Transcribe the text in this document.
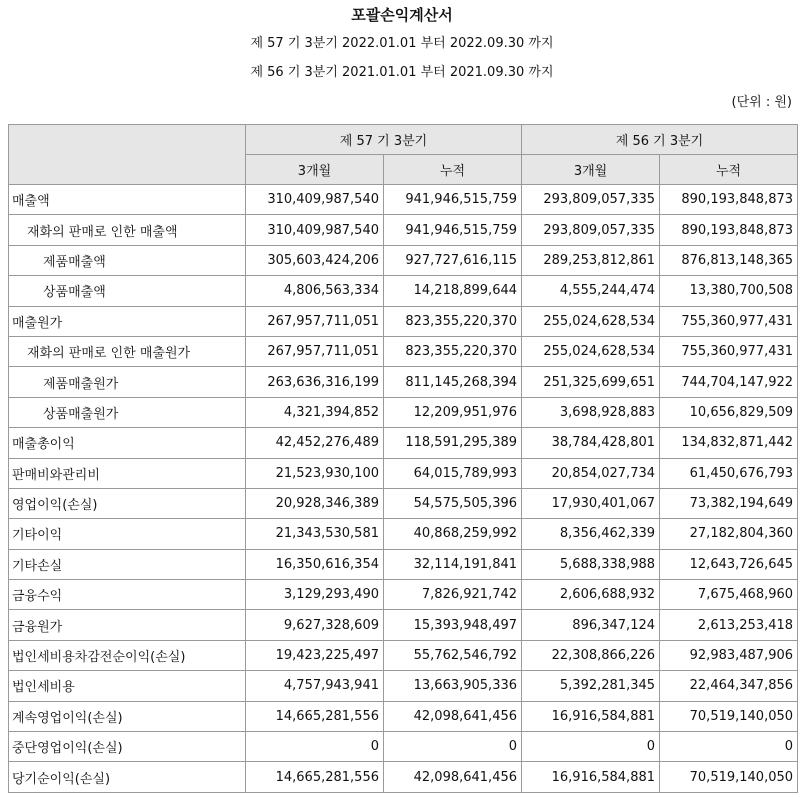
포괄손익계산서
제 57 기 3분기 2022.01.01 부터 2022.09.30 까지
제 56 기 3분기 2021.01.01 부터 2021.09.30 까지
(단위 : 원)
	제 57 기 3분기		제 56 기 3분기	
	3개월	누적	3개월	누적
매출액	310,409,987,540	941,946,515,759	293,809,057,335	890,193,848,873
재화의 판매로 인한 매출액	310,409,987,540	941,946,515,759	293,809,057,335	890,193,848,873
제품매출액	305,603,424,206	927,727,616,115	289,253,812,861	876,813,148,365
상품매출액	4,806,563,334	14,218,899,644	4,555,244,474	13,380,700,508
매출원가	267,957,711,051	823,355,220,370	255,024,628,534	755,360,977,431
재화의 판매로 인한 매출원가	267,957,711,051	823,355,220,370	255,024,628,534	755,360,977,431
제품매출원가	263,636,316,199	811,145,268,394	251,325,699,651	744,704,147,922
상품매출원가	4,321,394,852	12,209,951,976	3,698,928,883	10,656,829,509
매출총이익	42,452,276,489	118,591,295,389	38,784,428,801	134,832,871,442
판매비와관리비	21,523,930,100	64,015,789,993	20,854,027,734	61,450,676,793
영업이익(손실)	20,928,346,389	54,575,505,396	17,930,401,067	73,382,194,649
기타이익	21,343,530,581	40,868,259,992	8,356,462,339	27,182,804,360
기타손실	16,350,616,354	32,114,191,841	5,688,338,988	12,643,726,645
금융수익	3,129,293,490	7,826,921,742	2,606,688,932	7,675,468,960
금융원가	9,627,328,609	15,393,948,497	896,347,124	2,613,253,418
법인세비용차감전순이익(손실)	19,423,225,497	55,762,546,792	22,308,866,226	92,983,487,906
법인세비용	4,757,943,941	13,663,905,336	5,392,281,345	22,464,347,856
계속영업이익(손실)	14,665,281,556	42,098,641,456	16,916,584,881	70,519,140,050
중단영업이익(손실)	0	0	0	0
당기순이익(손실)	14,665,281,556	42,098,641,456	16,916,584,881	70,519,140,050
